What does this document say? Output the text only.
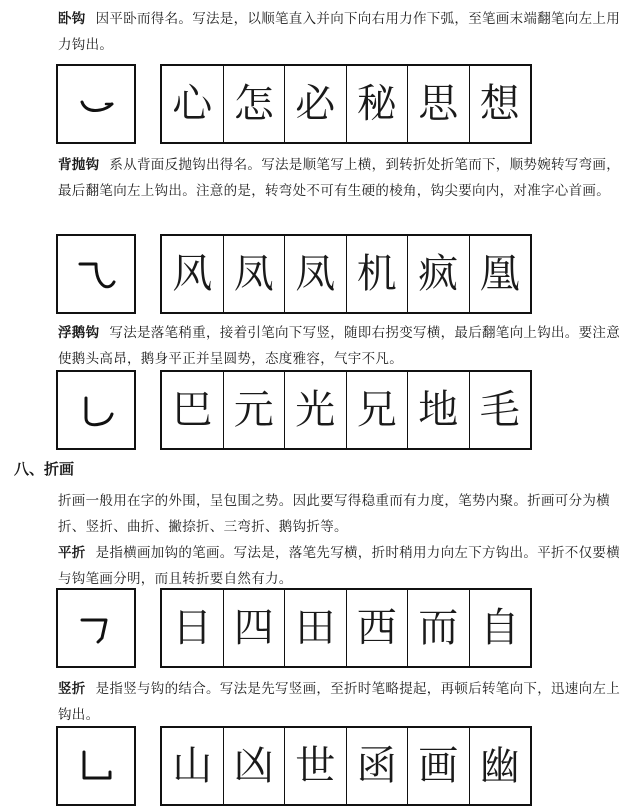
卧钩 因平卧而得名。写法是，以顺笔直入并向下向右用力作下弧，至笔画末端翻笔向左上用力钩出。

心 怎 必 秘 思 想

背抛钩 系从背面反抛钩出得名。写法是顺笔写上横，到转折处折笔而下，顺势婉转写弯画，最后翻笔向左上钩出。注意的是，转弯处不可有生硬的棱角，钩尖要向内，对准字心首画。

风 凤 凤 机 疯 凰

浮鹅钩 写法是落笔稍重，接着引笔向下写竖，随即右拐变写横，最后翻笔向上钩出。要注意使鹅头高昂，鹅身平正并呈圆势，态度雅容，气宇不凡。

巴 元 光 兄 地 毛

八、折画

折画一般用在字的外围，呈包围之势。因此要写得稳重而有力度，笔势内聚。折画可分为横折、竖折、曲折、撇捺折、三弯折、鹅钩折等。

平折 是指横画加钩的笔画。写法是，落笔先写横，折时稍用力向左下方钩出。平折不仅要横与钩笔画分明，而且转折要自然有力。

日 四 田 西 而 自

竖折 是指竖与钩的结合。写法是先写竖画，至折时笔略提起，再顿后转笔向下，迅速向左上钩出。

山 凶 世 函 画 幽
